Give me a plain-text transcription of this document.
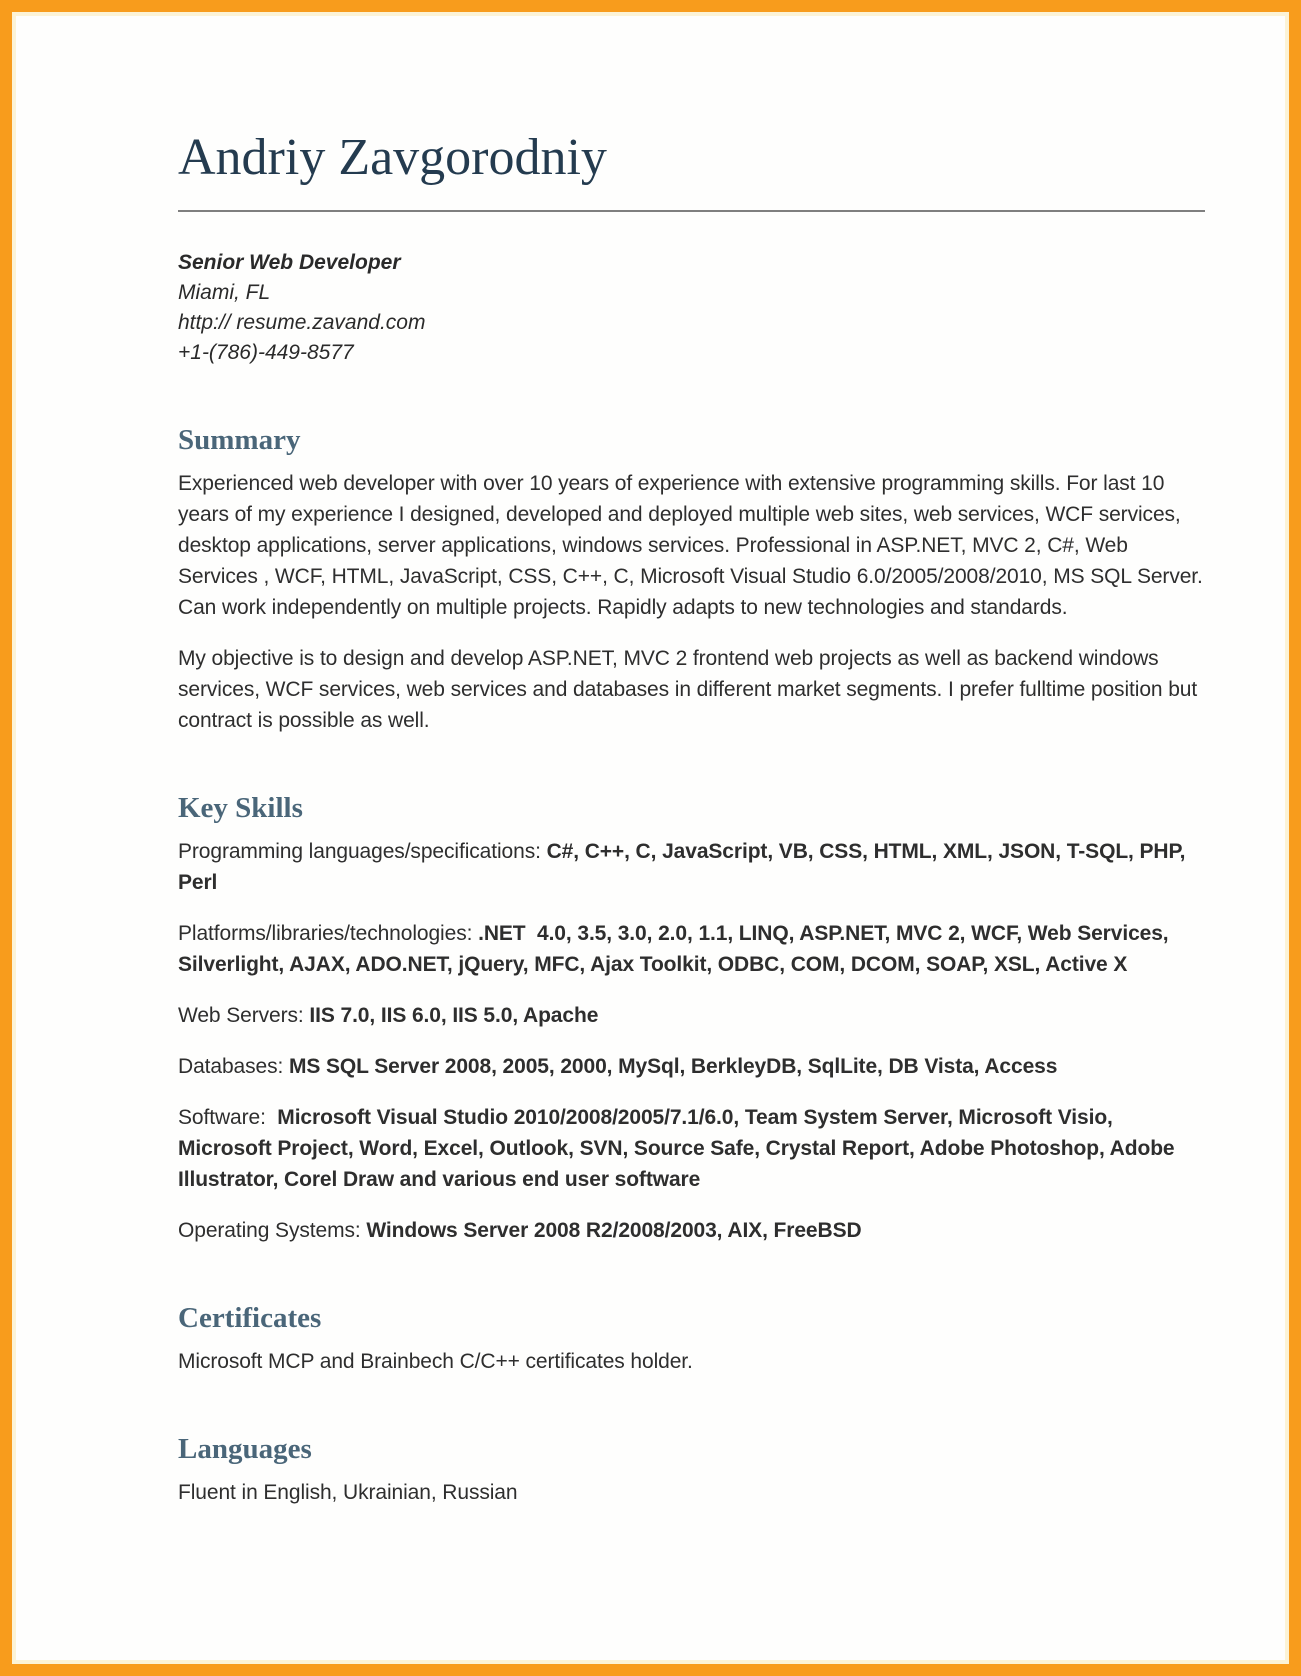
Andriy Zavgorodniy
Senior Web Developer
Miami, FL
http:// resume.zavand.com
+1-(786)-449-8577
Summary

Experienced web developer with over 10 years of experience with extensive programming skills. For last 10 years of my experience I designed, developed and deployed multiple web sites, web services, WCF services, desktop applications, server applications, windows services. Professional in ASP.NET, MVC 2, C#, Web Services , WCF, HTML, JavaScript, CSS, C++, C, Microsoft Visual Studio 6.0/2005/2008/2010, MS SQL Server. Can work independently on multiple projects. Rapidly adapts to new technologies and standards.

My objective is to design and develop ASP.NET, MVC 2 frontend web projects as well as backend windows services, WCF services, web services and databases in different market segments. I prefer fulltime position but contract is possible as well.

Key Skills

Programming languages/specifications: C#, C++, C, JavaScript, VB, CSS, HTML, XML, JSON, T-SQL, PHP, Perl

Platforms/libraries/technologies: .NET  4.0, 3.5, 3.0, 2.0, 1.1, LINQ, ASP.NET, MVC 2, WCF, Web Services, Silverlight, AJAX, ADO.NET, jQuery, MFC, Ajax Toolkit, ODBC, COM, DCOM, SOAP, XSL, Active X

Web Servers: IIS 7.0, IIS 6.0, IIS 5.0, Apache

Databases: MS SQL Server 2008, 2005, 2000, MySql, BerkleyDB, SqlLite, DB Vista, Access

Software:  Microsoft Visual Studio 2010/2008/2005/7.1/6.0, Team System Server, Microsoft Visio, Microsoft Project, Word, Excel, Outlook, SVN, Source Safe, Crystal Report, Adobe Photoshop, Adobe Illustrator, Corel Draw and various end user software

Operating Systems: Windows Server 2008 R2/2008/2003, AIX, FreeBSD

Certificates

Microsoft MCP and Brainbech C/C++ certificates holder.

Languages

Fluent in English, Ukrainian, Russian
